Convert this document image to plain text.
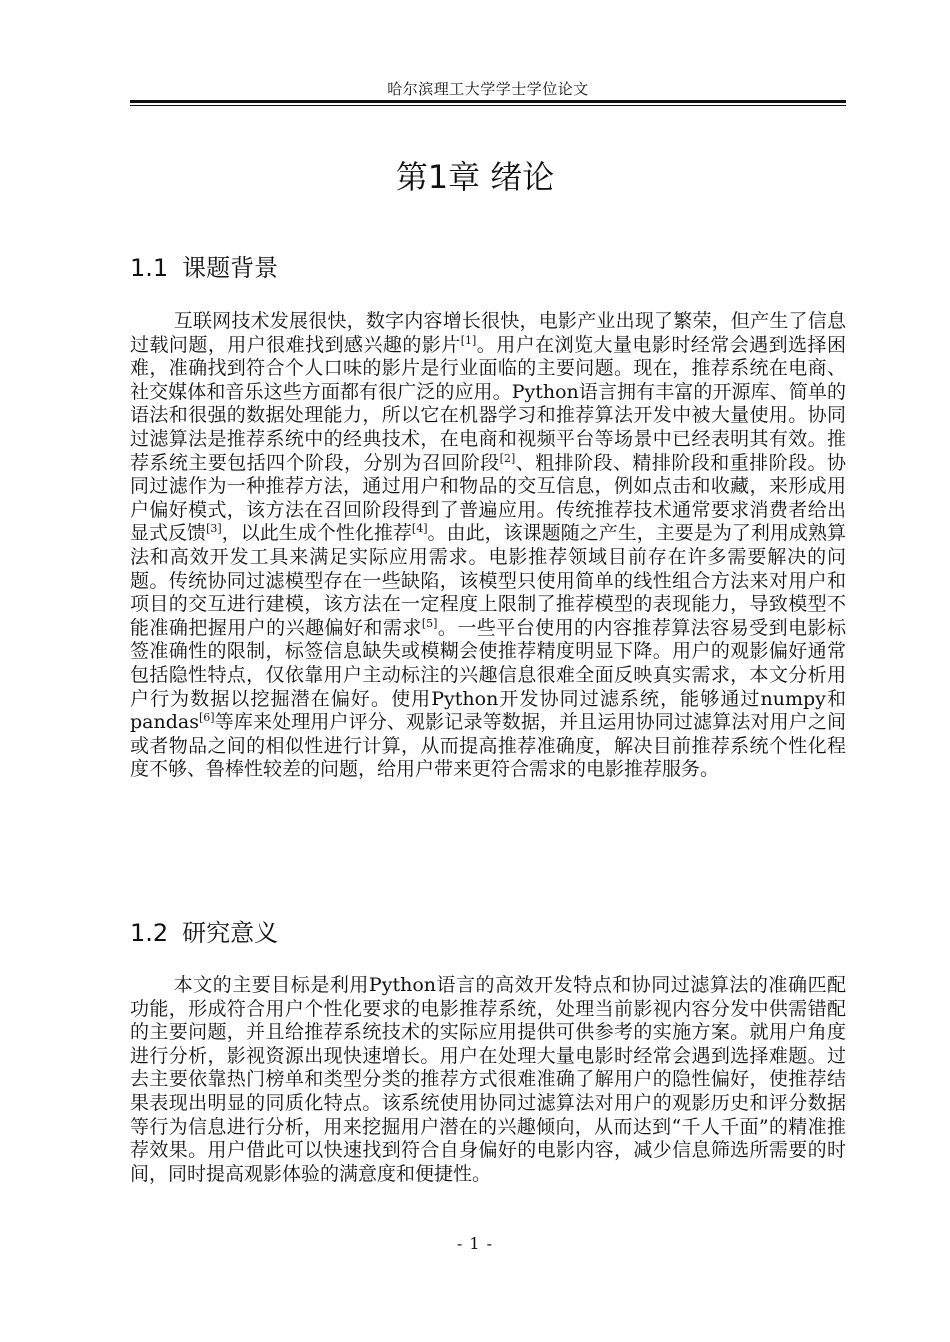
哈尔滨理工大学学士学位论文
第1章 绪论
1.1 课题背景

互联网技术发展很快，数字内容增长很快，电影产业出现了繁荣，但产生了信息过载问题，用户很难找到感兴趣的影片[1]。用户在浏览大量电影时经常会遇到选择困难，准确找到符合个人口味的影片是行业面临的主要问题。现在，推荐系统在电商、社交媒体和音乐这些方面都有很广泛的应用。Python语言拥有丰富的开源库、简单的语法和很强的数据处理能力，所以它在机器学习和推荐算法开发中被大量使用。协同过滤算法是推荐系统中的经典技术，在电商和视频平台等场景中已经表明其有效。推荐系统主要包括四个阶段，分别为召回阶段[2]、粗排阶段、精排阶段和重排阶段。协同过滤作为一种推荐方法，通过用户和物品的交互信息，例如点击和收藏，来形成用户偏好模式，该方法在召回阶段得到了普遍应用。传统推荐技术通常要求消费者给出显式反馈[3]，以此生成个性化推荐[4]。由此，该课题随之产生，主要是为了利用成熟算法和高效开发工具来满足实际应用需求。电影推荐领域目前存在许多需要解决的问题。传统协同过滤模型存在一些缺陷，该模型只使用简单的线性组合方法来对用户和项目的交互进行建模，该方法在一定程度上限制了推荐模型的表现能力，导致模型不能准确把握用户的兴趣偏好和需求[5]。一些平台使用的内容推荐算法容易受到电影标签准确性的限制，标签信息缺失或模糊会使推荐精度明显下降。用户的观影偏好通常包括隐性特点，仅依靠用户主动标注的兴趣信息很难全面反映真实需求，本文分析用户行为数据以挖掘潜在偏好。使用Python开发协同过滤系统，能够通过numpy和pandas[6]等库来处理用户评分、观影记录等数据，并且运用协同过滤算法对用户之间或者物品之间的相似性进行计算，从而提高推荐准确度，解决目前推荐系统个性化程度不够、鲁棒性较差的问题，给用户带来更符合需求的电影推荐服务。

1.2 研究意义

本文的主要目标是利用Python语言的高效开发特点和协同过滤算法的准确匹配功能，形成符合用户个性化要求的电影推荐系统，处理当前影视内容分发中供需错配的主要问题，并且给推荐系统技术的实际应用提供可供参考的实施方案。就用户角度进行分析，影视资源出现快速增长。用户在处理大量电影时经常会遇到选择难题。过去主要依靠热门榜单和类型分类的推荐方式很难准确了解用户的隐性偏好，使推荐结果表现出明显的同质化特点。该系统使用协同过滤算法对用户的观影历史和评分数据等行为信息进行分析，用来挖掘用户潜在的兴趣倾向，从而达到“千人千面”的精准推荐效果。用户借此可以快速找到符合自身偏好的电影内容，减少信息筛选所需要的时间，同时提高观影体验的满意度和便捷性。

- 1 -
